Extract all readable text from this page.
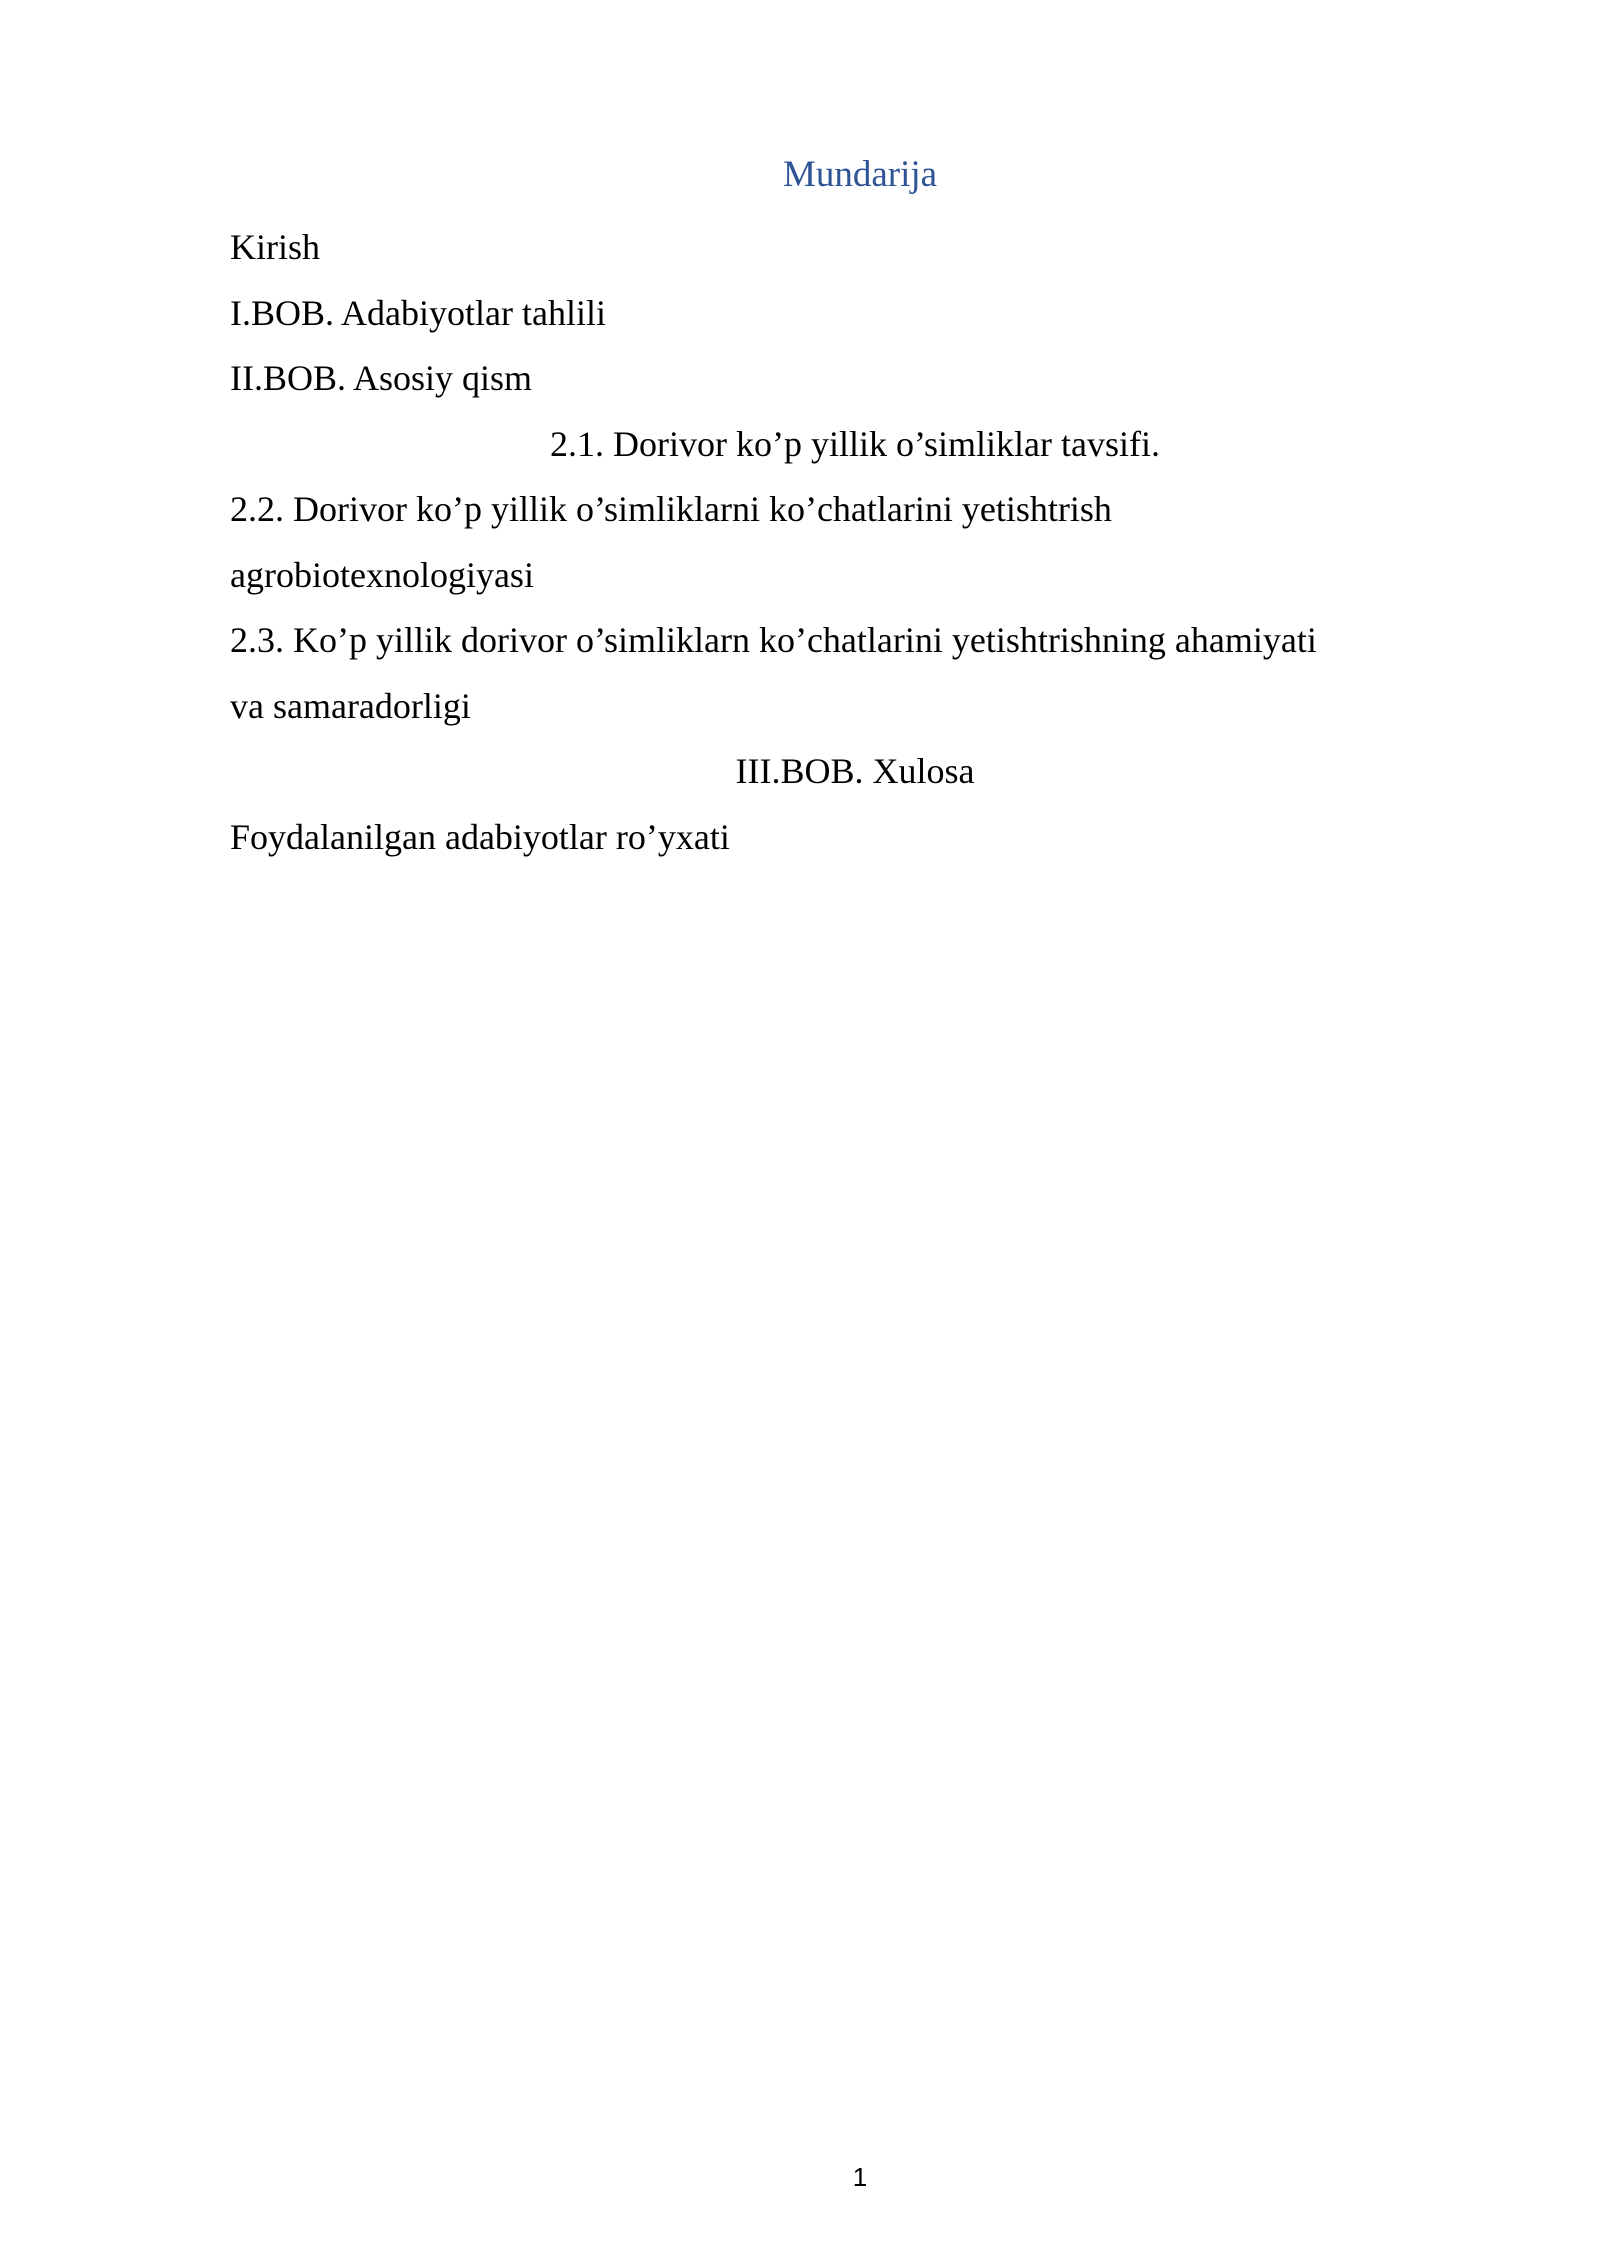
Mundarija
Kirish
I.BOB. Adabiyotlar tahlili
II.BOB. Asosiy qism
2.1. Dorivor ko’p yillik o’simliklar tavsifi.
2.2. Dorivor ko’p yillik o’simliklarni ko’chatlarini yetishtrish
agrobiotexnologiyasi
2.3. Ko’p yillik dorivor o’simliklarn ko’chatlarini yetishtrishning ahamiyati
va samaradorligi
III.BOB. Xulosa
Foydalanilgan adabiyotlar ro’yxati
1
